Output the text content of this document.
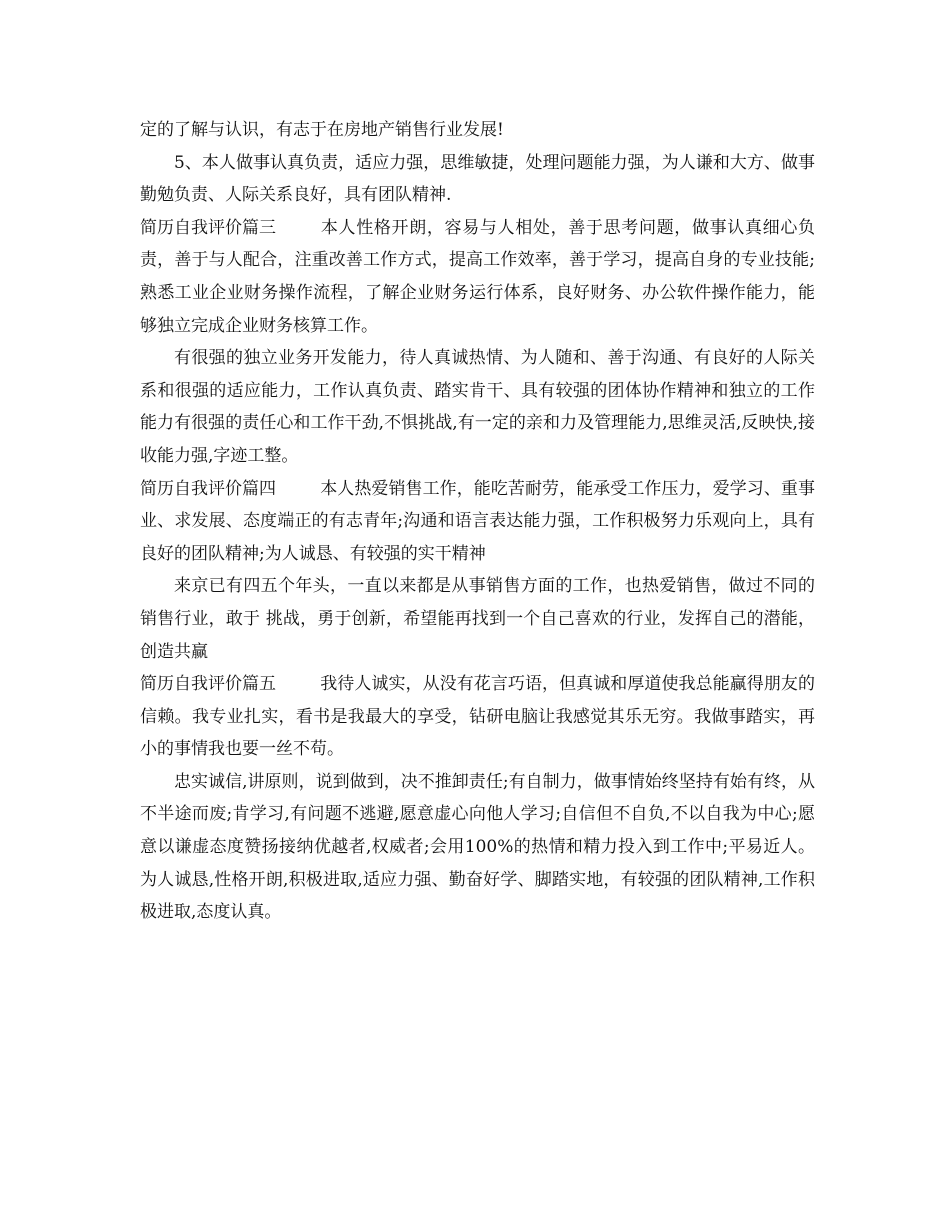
定的了解与认识，有志于在房地产销售行业发展!

5、本人做事认真负责，适应力强，思维敏捷，处理问题能力强，为人谦和大方、做事勤勉负责、人际关系良好，具有团队精神.

简历自我评价篇三	本人性格开朗，容易与人相处，善于思考问题，做事认真细心负责，善于与人配合，注重改善工作方式，提高工作效率，善于学习，提高自身的专业技能;熟悉工业企业财务操作流程，了解企业财务运行体系，良好财务、办公软件操作能力，能够独立完成企业财务核算工作。

有很强的独立业务开发能力，待人真诚热情、为人随和、善于沟通、有良好的人际关系和很强的适应能力，工作认真负责、踏实肯干、具有较强的团体协作精神和独立的工作能力有很强的责任心和工作干劲,不惧挑战,有一定的亲和力及管理能力,思维灵活,反映快,接收能力强,字迹工整。

简历自我评价篇四	本人热爱销售工作，能吃苦耐劳，能承受工作压力，爱学习、重事业、求发展、态度端正的有志青年;沟通和语言表达能力强，工作积极努力乐观向上，具有良好的团队精神;为人诚恳、有较强的实干精神

来京已有四五个年头，一直以来都是从事销售方面的工作，也热爱销售，做过不同的销售行业，敢于 挑战，勇于创新，希望能再找到一个自己喜欢的行业，发挥自己的潜能，创造共赢

简历自我评价篇五	我待人诚实，从没有花言巧语，但真诚和厚道使我总能赢得朋友的信赖。我专业扎实，看书是我最大的享受，钻研电脑让我感觉其乐无穷。我做事踏实，再小的事情我也要一丝不苟。

忠实诚信,讲原则，说到做到，决不推卸责任;有自制力，做事情始终坚持有始有终，从不半途而废;肯学习,有问题不逃避,愿意虚心向他人学习;自信但不自负,不以自我为中心;愿意以谦虚态度赞扬接纳优越者,权威者;会用100%的热情和精力投入到工作中;平易近人。为人诚恳,性格开朗,积极进取,适应力强、勤奋好学、脚踏实地，有较强的团队精神,工作积极进取,态度认真。
